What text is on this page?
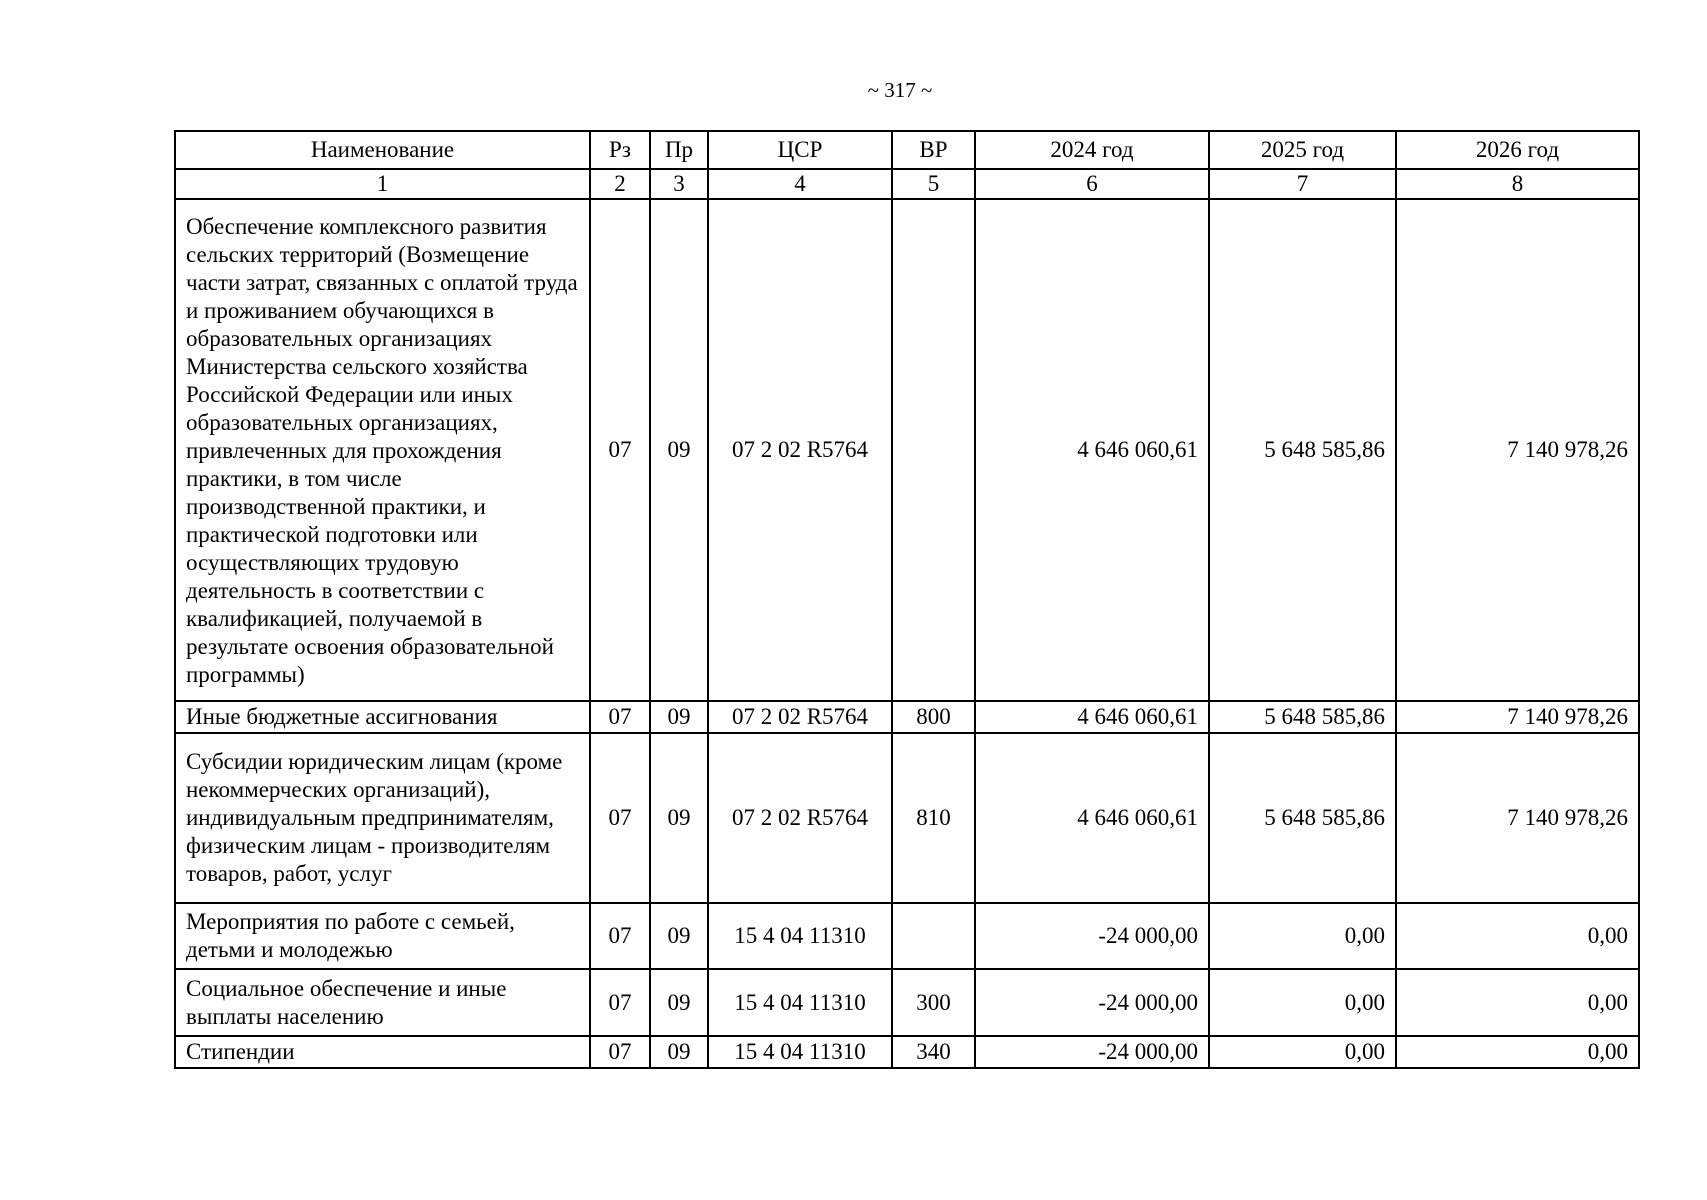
~ 317 ~
Наименование	Рз	Пр	ЦСР	ВР	2024 год	2025 год	2026 год
1	2	3	4	5	6	7	8
Обеспечение комплексного развития сельских территорий (Возмещение части затрат, связанных с оплатой труда и проживанием обучающихся в образовательных организациях Министерства сельского хозяйства Российской Федерации или иных образовательных организациях, привлеченных для прохождения практики, в том числе производственной практики, и практической подготовки или осуществляющих трудовую деятельность в соответствии с квалификацией, получаемой в результате освоения образовательной программы)	07	09	07 2 02 R5764		4 646 060,61	5 648 585,86	7 140 978,26
Иные бюджетные ассигнования	07	09	07 2 02 R5764	800	4 646 060,61	5 648 585,86	7 140 978,26
Субсидии юридическим лицам (кроме некоммерческих организаций), индивидуальным предпринимателям, физическим лицам - производителям товаров, работ, услуг	07	09	07 2 02 R5764	810	4 646 060,61	5 648 585,86	7 140 978,26
Мероприятия по работе с семьей, детьми и молодежью	07	09	15 4 04 11310		-24 000,00	0,00	0,00
Социальное обеспечение и иные выплаты населению	07	09	15 4 04 11310	300	-24 000,00	0,00	0,00
Стипендии	07	09	15 4 04 11310	340	-24 000,00	0,00	0,00
